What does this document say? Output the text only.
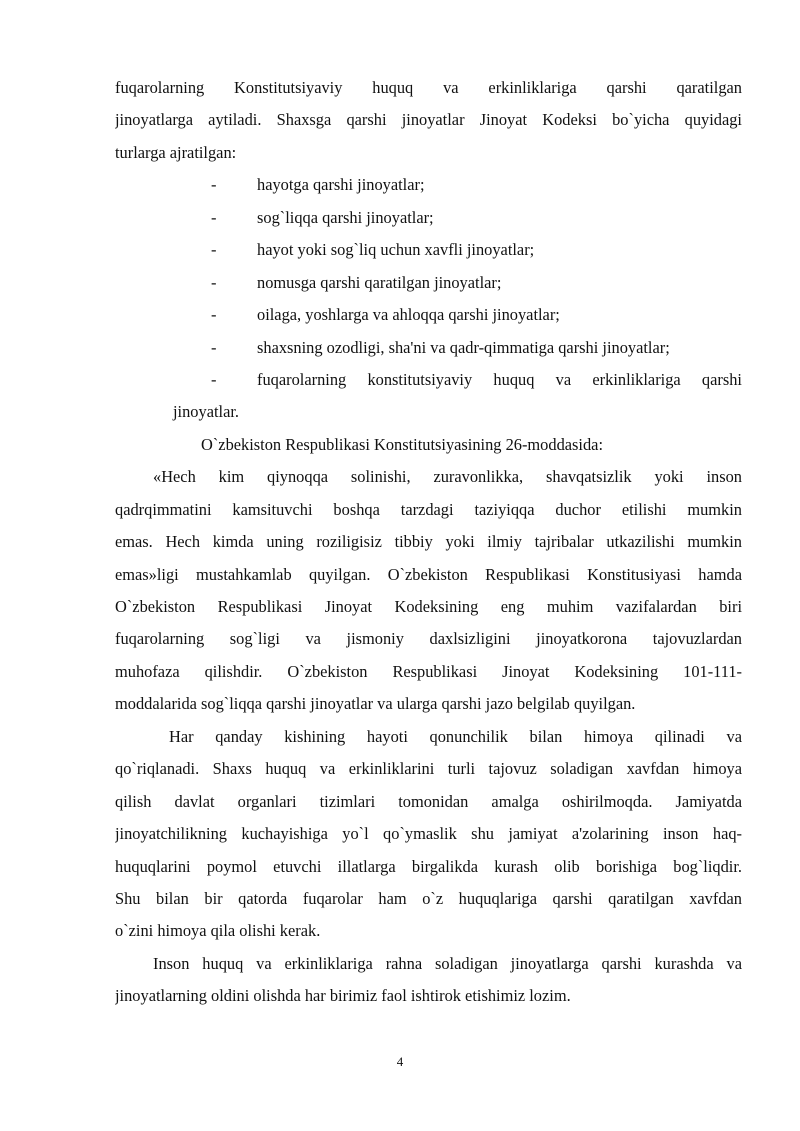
fuqarolarning Konstitutsiyaviy huquq va erkinliklariga qarshi qaratilgan
jinoyatlarga aytiladi. Shaxsga qarshi jinoyatlar Jinoyat Kodeksi bo`yicha quyidagi
turlarga ajratilgan:
- hayotga qarshi jinoyatlar;
- sog`liqqa qarshi jinoyatlar;
- hayot yoki sog`liq uchun xavfli jinoyatlar;
- nomusga qarshi qaratilgan jinoyatlar;
- oilaga, yoshlarga va ahloqqa qarshi jinoyatlar;
- shaxsning ozodligi, sha'ni va qadr-qimmatiga qarshi jinoyatlar;
-	fuqarolarning konstitutsiyaviy huquq va erkinliklariga qarshi
jinoyatlar.
O`zbekiston Respublikasi Konstitutsiyasining 26-moddasida:
«Hech kim qiynoqqa solinishi, zuravonlikka, shavqatsizlik yoki inson
qadrqimmatini kamsituvchi boshqa tarzdagi taziyiqqa duchor etilishi mumkin
emas. Hech kimda uning roziligisiz tibbiy yoki ilmiy tajribalar utkazilishi mumkin
emas»ligi mustahkamlab quyilgan. O`zbekiston Respublikasi Konstitusiyasi hamda
O`zbekiston Respublikasi Jinoyat Kodeksining eng muhim vazifalardan biri
fuqarolarning sog`ligi va jismoniy daxlsizligini jinoyatkorona tajovuzlardan
muhofaza qilishdir. O`zbekiston Respublikasi Jinoyat Kodeksining 101-111-
moddalarida sog`liqqa qarshi jinoyatlar va ularga qarshi jazo belgilab quyilgan.
Har qanday kishining hayoti qonunchilik bilan himoya qilinadi va
qo`riqlanadi. Shaxs huquq va erkinliklarini turli tajovuz soladigan xavfdan himoya
qilish davlat organlari tizimlari tomonidan amalga oshirilmoqda. Jamiyatda
jinoyatchilikning kuchayishiga yo`l qo`ymaslik shu jamiyat a'zolarining inson haq-
huquqlarini poymol etuvchi illatlarga birgalikda kurash olib borishiga bog`liqdir.
Shu bilan bir qatorda fuqarolar ham o`z huquqlariga qarshi qaratilgan xavfdan
o`zini himoya qila olishi kerak.
Inson huquq va erkinliklariga rahna soladigan jinoyatlarga qarshi kurashda va
jinoyatlarning oldini olishda har birimiz faol ishtirok etishimiz lozim.
4
